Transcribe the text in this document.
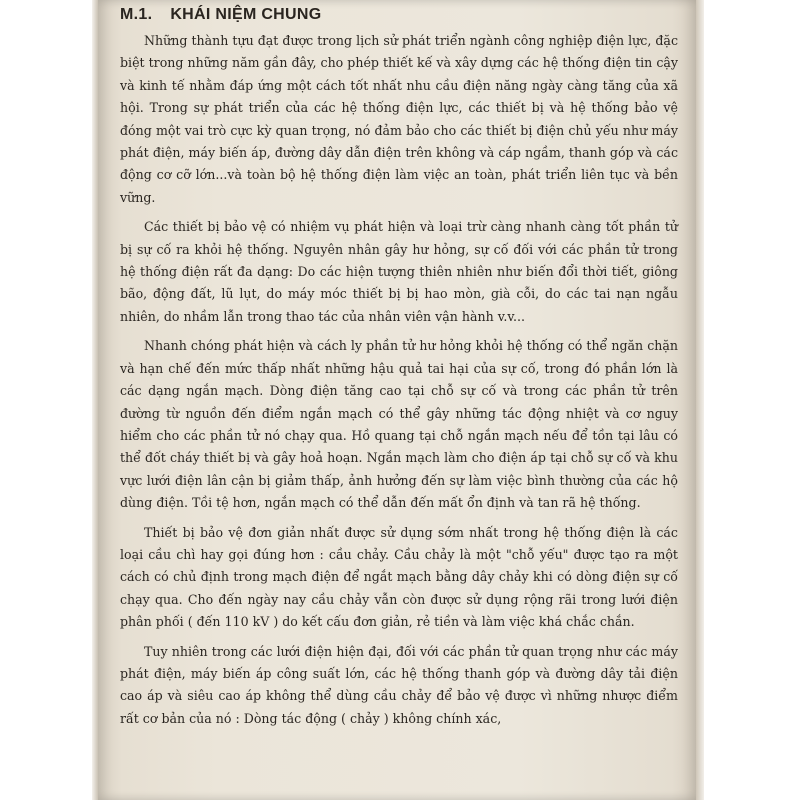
M.1. KHÁI NIỆM CHUNG

Những thành tựu đạt được trong lịch sử phát triển ngành công nghiệp điện lực, đặc biệt trong những năm gần đây, cho phép thiết kế và xây dựng các hệ thống điện tin cậy và kinh tế nhằm đáp ứng một cách tốt nhất nhu cầu điện năng ngày càng tăng của xã hội. Trong sự phát triển của các hệ thống điện lực, các thiết bị và hệ thống bảo vệ đóng một vai trò cực kỳ quan trọng, nó đảm bảo cho các thiết bị điện chủ yếu như máy phát điện, máy biến áp, đường dây dẫn điện trên không và cáp ngầm, thanh góp và các động cơ cỡ lớn...và toàn bộ hệ thống điện làm việc an toàn, phát triển liên tục và bền vững.

Các thiết bị bảo vệ có nhiệm vụ phát hiện và loại trừ càng nhanh càng tốt phần tử bị sự cố ra khỏi hệ thống. Nguyên nhân gây hư hỏng, sự cố đối với các phần tử trong hệ thống điện rất đa dạng: Do các hiện tượng thiên nhiên như biến đổi thời tiết, giông bão, động đất, lũ lụt, do máy móc thiết bị bị hao mòn, già cỗi, do các tai nạn ngẫu nhiên, do nhầm lẫn trong thao tác của nhân viên vận hành v.v...

Nhanh chóng phát hiện và cách ly phần tử hư hỏng khỏi hệ thống có thể ngăn chặn và hạn chế đến mức thấp nhất những hậu quả tai hại của sự cố, trong đó phần lớn là các dạng ngắn mạch. Dòng điện tăng cao tại chỗ sự cố và trong các phần tử trên đường từ nguồn đến điểm ngắn mạch có thể gây những tác động nhiệt và cơ nguy hiểm cho các phần tử nó chạy qua. Hồ quang tại chỗ ngắn mạch nếu để tồn tại lâu có thể đốt cháy thiết bị và gây hoả hoạn. Ngắn mạch làm cho điện áp tại chỗ sự cố và khu vực lưới điện lân cận bị giảm thấp, ảnh hưởng đến sự làm việc bình thường của các hộ dùng điện. Tồi tệ hơn, ngắn mạch có thể dẫn đến mất ổn định và tan rã hệ thống.

Thiết bị bảo vệ đơn giản nhất được sử dụng sớm nhất trong hệ thống điện là các loại cầu chì hay gọi đúng hơn : cầu chảy. Cầu chảy là một "chỗ yếu" được tạo ra một cách có chủ định trong mạch điện để ngắt mạch bằng dây chảy khi có dòng điện sự cố chạy qua. Cho đến ngày nay cầu chảy vẫn còn được sử dụng rộng rãi trong lưới điện phân phối ( đến 110 kV ) do kết cấu đơn giản, rẻ tiền và làm việc khá chắc chắn.

Tuy nhiên trong các lưới điện hiện đại, đối với các phần tử quan trọng như các máy phát điện, máy biến áp công suất lớn, các hệ thống thanh góp và đường dây tải điện cao áp và siêu cao áp không thể dùng cầu chảy để bảo vệ được vì những nhược điểm rất cơ bản của nó : Dòng tác động ( chảy ) không chính xác,
